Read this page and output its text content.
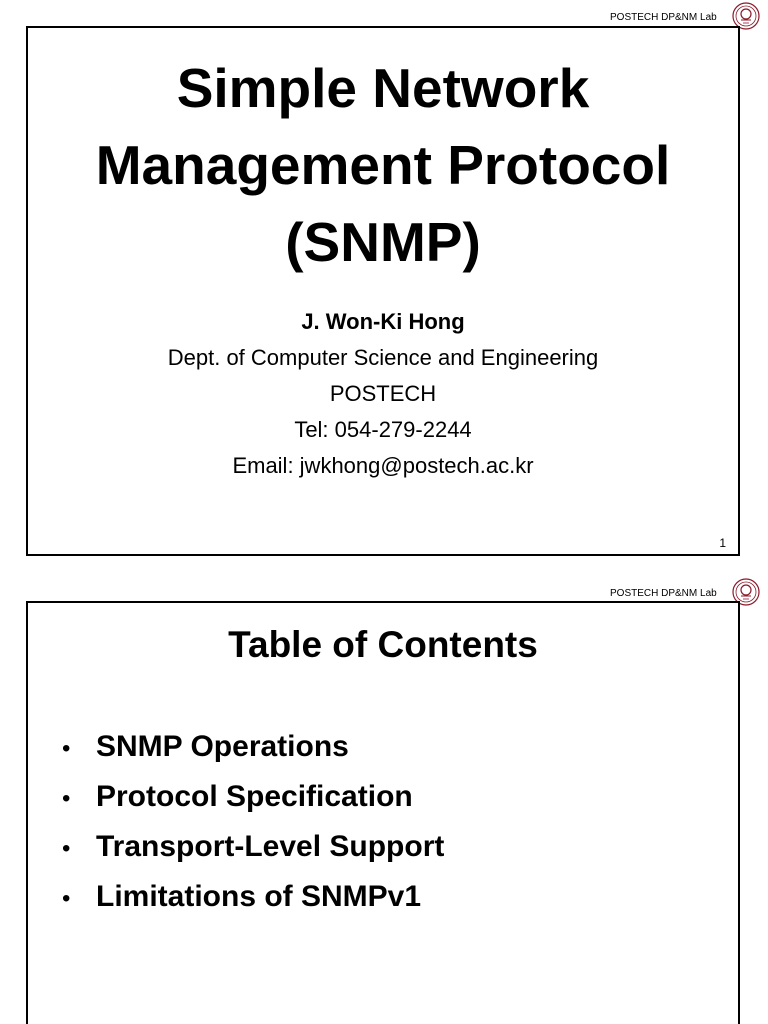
POSTECH DP&NM Lab
Simple Network
Management Protocol
(SNMP)
J. Won-Ki Hong
Dept. of Computer Science and Engineering
POSTECH
Tel: 054-279-2244
Email: jwkhong@postech.ac.kr
1
POSTECH DP&NM Lab
Table of Contents
• SNMP Operations
• Protocol Specification
• Transport-Level Support
• Limitations of SNMPv1
